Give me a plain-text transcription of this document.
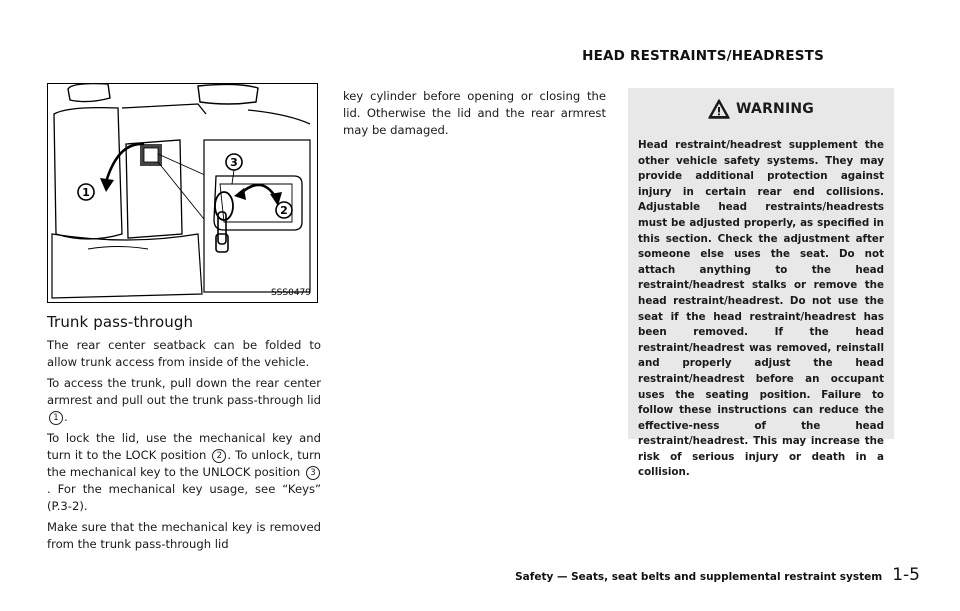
HEAD RESTRAINTS/HEADRESTS
1
2
3
SSS0479
Trunk pass-through

The rear center seatback can be folded to allow trunk access from inside of the vehicle.

To access the trunk, pull down the rear center armrest and pull out the trunk pass-through lid 1 .

To lock the lid, use the mechanical key and turn it to the LOCK position 2 . To unlock, turn the mechanical key to the UNLOCK position 3. For the mechanical key usage, see “Keys” (P.3-2).

Make sure that the mechanical key is removed from the trunk pass-through lid

key cylinder before opening or closing the lid. Otherwise the lid and the rear armrest may be damaged.

WARNING
Head restraint/headrest supplement the other vehicle safety systems. They may provide additional protection against injury in certain rear end collisions. Adjustable head restraints/headrests must be adjusted properly, as specified in this section. Check the adjustment after someone else uses the seat. Do not attach anything to the head restraint/headrest stalks or remove the head restraint/headrest. Do not use the seat if the head restraint/headrest has been removed. If the head restraint/headrest was removed, reinstall and properly adjust the head restraint/headrest before an occupant uses the seating position. Failure to follow these instructions can reduce the effective-ness of the head restraint/headrest. This may increase the risk of serious injury or death in a collision.
Safety — Seats, seat belts and supplemental restraint system 1-5
